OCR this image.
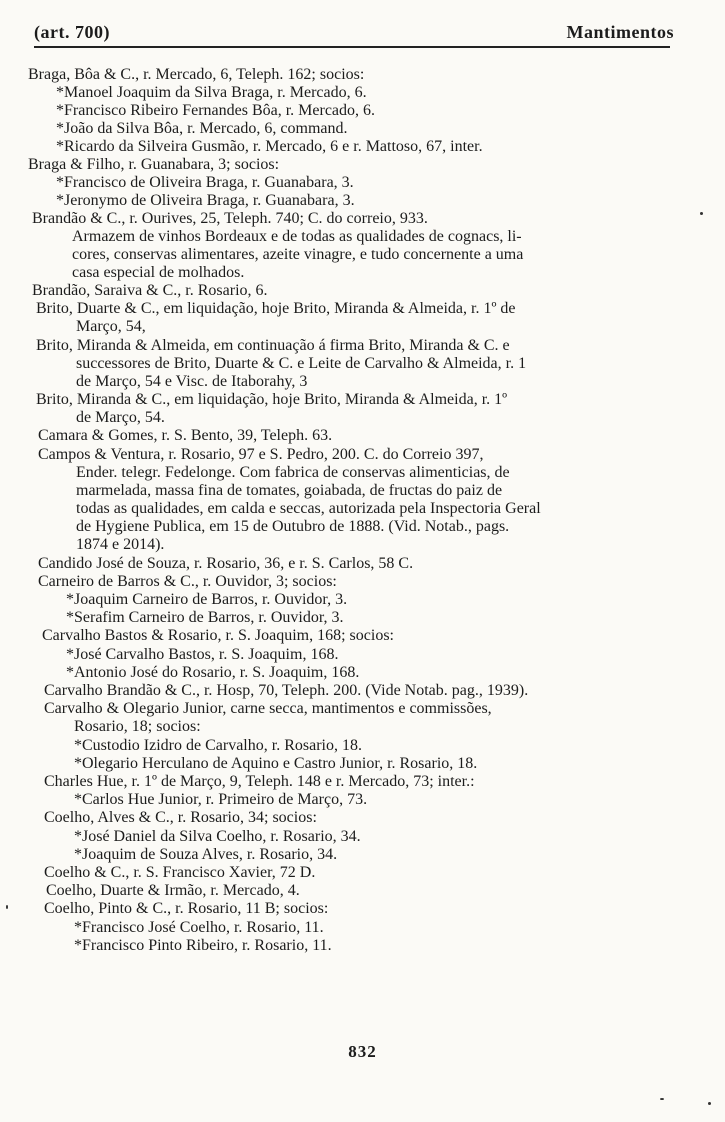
(art. 700)	Mantimentos
Braga, Bôa & C., r. Mercado, 6, Teleph. 162; socios:
*Manoel Joaquim da Silva Braga, r. Mercado, 6.
*Francisco Ribeiro Fernandes Bôa, r. Mercado, 6.
*João da Silva Bôa, r. Mercado, 6, command.
*Ricardo da Silveira Gusmão, r. Mercado, 6 e r. Mattoso, 67, inter.
Braga & Filho, r. Guanabara, 3; socios:
*Francisco de Oliveira Braga, r. Guanabara, 3.
*Jeronymo de Oliveira Braga, r. Guanabara, 3.
Brandão & C., r. Ourives, 25, Teleph. 740; C. do correio, 933.
Armazem de vinhos Bordeaux e de todas as qualidades de cognacs, li-
cores, conservas alimentares, azeite vinagre, e tudo concernente a uma
casa especial de molhados.
Brandão, Saraiva & C., r. Rosario, 6.
Brito, Duarte & C., em liquidação, hoje Brito, Miranda & Almeida, r. 1º de
Março, 54,
Brito, Miranda & Almeida, em continuação á firma Brito, Miranda & C. e
successores de Brito, Duarte & C. e Leite de Carvalho & Almeida, r. 1
de Março, 54 e Visc. de Itaborahy, 3
Brito, Miranda & C., em liquidação, hoje Brito, Miranda & Almeida, r. 1º
de Março, 54.
Camara & Gomes, r. S. Bento, 39, Teleph. 63.
Campos & Ventura, r. Rosario, 97 e S. Pedro, 200. C. do Correio 397,
Ender. telegr. Fedelonge. Com fabrica de conservas alimenticias, de
marmelada, massa fina de tomates, goiabada, de fructas do paiz de
todas as qualidades, em calda e seccas, autorizada pela Inspectoria Geral
de Hygiene Publica, em 15 de Outubro de 1888. (Vid. Notab., pags.
1874 e 2014).
Candido José de Souza, r. Rosario, 36, e r. S. Carlos, 58 C.
Carneiro de Barros & C., r. Ouvidor, 3; socios:
*Joaquim Carneiro de Barros, r. Ouvidor, 3.
*Serafim Carneiro de Barros, r. Ouvidor, 3.
Carvalho Bastos & Rosario, r. S. Joaquim, 168; socios:
*José Carvalho Bastos, r. S. Joaquim, 168.
*Antonio José do Rosario, r. S. Joaquim, 168.
Carvalho Brandão & C., r. Hosp, 70, Teleph. 200. (Vide Notab. pag., 1939).
Carvalho & Olegario Junior, carne secca, mantimentos e commissões,
Rosario, 18; socios:
*Custodio Izidro de Carvalho, r. Rosario, 18.
*Olegario Herculano de Aquino e Castro Junior, r. Rosario, 18.
Charles Hue, r. 1º de Março, 9, Teleph. 148 e r. Mercado, 73; inter.:
*Carlos Hue Junior, r. Primeiro de Março, 73.
Coelho, Alves & C., r. Rosario, 34; socios:
*José Daniel da Silva Coelho, r. Rosario, 34.
*Joaquim de Souza Alves, r. Rosario, 34.
Coelho & C., r. S. Francisco Xavier, 72 D.
Coelho, Duarte & Irmão, r. Mercado, 4.
Coelho, Pinto & C., r. Rosario, 11 B; socios:
*Francisco José Coelho, r. Rosario, 11.
*Francisco Pinto Ribeiro, r. Rosario, 11.
832
